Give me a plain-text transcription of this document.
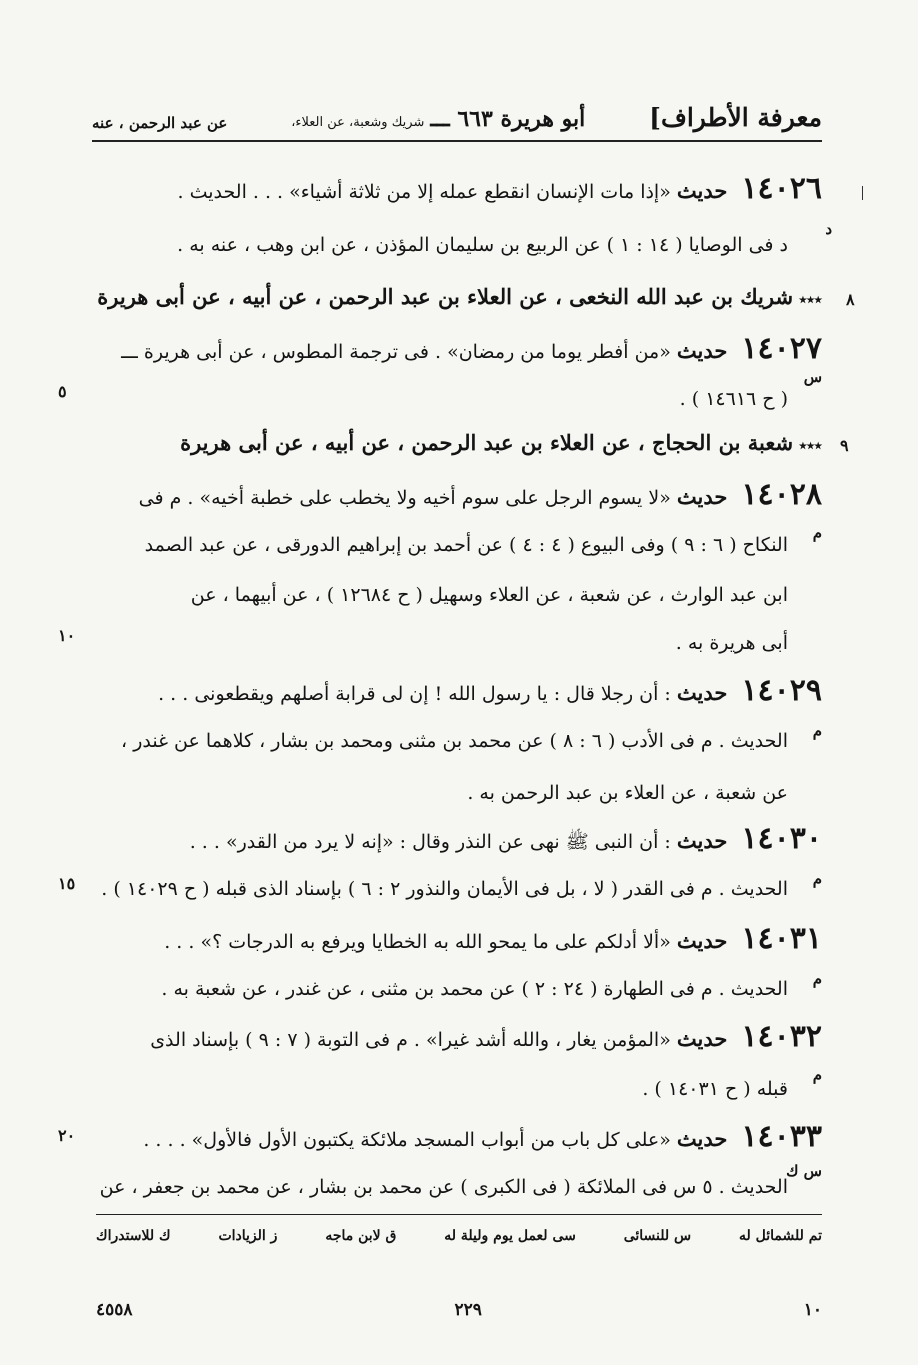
معرفة الأطراف]
أبو هريرة ٦٦٣ ـــ
شريك وشعبة، عن العلاء،
عن عبد الرحمن ، عنه
١٤٠٢٦ حديث «إذا مات الإنسان انقطع عمله إلا من ثلاثة أشياء» . . . الحديث .
د فى الوصايا ( ١٤ : ١ ) عن الربيع بن سليمان المؤذن ، عن ابن وهب ، عنه به .
٭٭٭ شريك بن عبد الله النخعى ، عن العلاء بن عبد الرحمن ، عن أبيه ، عن أبى هريرة
١٤٠٢٧ حديث «من أفطر يوما من رمضان» . فى ترجمة المطوس ، عن أبى هريرة ـــ
( ح ١٤٦١٦ ) .
٭٭٭ شعبة بن الحجاج ، عن العلاء بن عبد الرحمن ، عن أبيه ، عن أبى هريرة
١٤٠٢٨ حديث «لا يسوم الرجل على سوم أخيه ولا يخطب على خطبة أخيه» . م فى
النكاح ( ٦ : ٩ ) وفى البيوع ( ٤ : ٤ ) عن أحمد بن إبراهيم الدورقى ، عن عبد الصمد
ابن عبد الوارث ، عن شعبة ، عن العلاء وسهيل ( ح ١٢٦٨٤ ) ، عن أبيهما ، عن
أبى هريرة به .
١٤٠٢٩ حديث : أن رجلا قال : يا رسول الله ! إن لى قرابة أصلهم ويقطعونى . . .
الحديث . م فى الأدب ( ٦ : ٨ ) عن محمد بن مثنى ومحمد بن بشار ، كلاهما عن غندر ،
عن شعبة ، عن العلاء بن عبد الرحمن به .
١٤٠٣٠ حديث : أن النبى ﷺ نهى عن النذر وقال : «إنه لا يرد من القدر» . . .
الحديث . م فى القدر ( لا ، بل فى الأيمان والنذور ٢ : ٦ ) بإسناد الذى قبله ( ح ١٤٠٢٩ ) .
١٤٠٣١ حديث «ألا أدلكم على ما يمحو الله به الخطايا ويرفع به الدرجات ؟» . . .
الحديث . م فى الطهارة ( ٢٤ : ٢ ) عن محمد بن مثنى ، عن غندر ، عن شعبة به .
١٤٠٣٢ حديث «المؤمن يغار ، والله أشد غيرا» . م فى التوبة ( ٧ : ٩ ) بإسناد الذى
قبله ( ح ١٤٠٣١ ) .
١٤٠٣٣ حديث «على كل باب من أبواب المسجد ملائكة يكتبون الأول فالأول» . . . .
الحديث . ٥ س فى الملائكة ( فى الكبرى ) عن محمد بن بشار ، عن محمد بن جعفر ، عن
د
س
م
م
م
م
م
س ك
٨
٥
٩
١٠
١٥
٢٠
تم للشمائل له
س للنسائى
سى لعمل يوم وليلة له
ق لابن ماجه
ز الزيادات
ك للاستدراك
١٠
٢٢٩
٤٥٥٨
